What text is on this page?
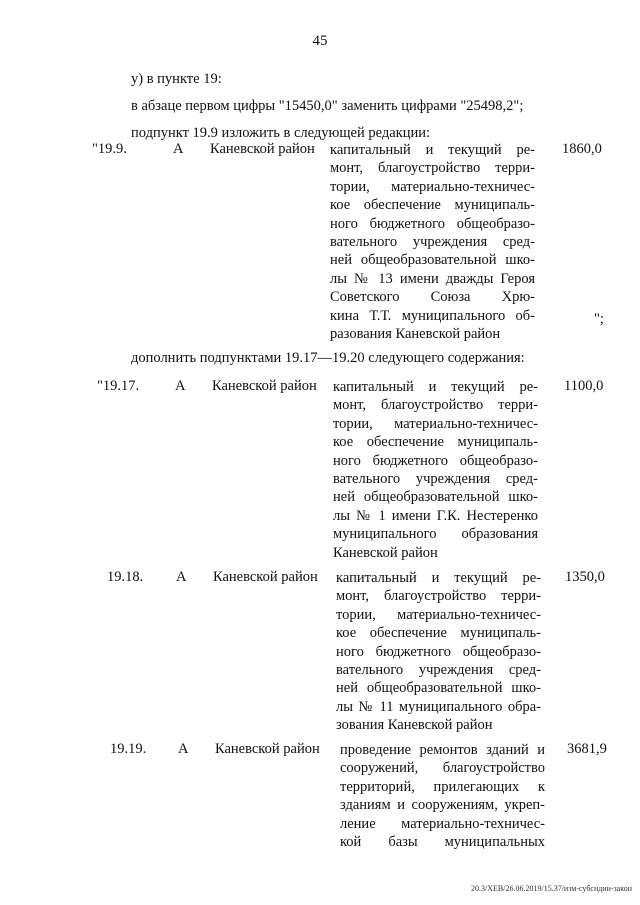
45
у) в пункте 19:
в абзаце первом цифры "15450,0" заменить цифрами "25498,2";
подпункт 19.9 изложить в следующей редакции:
"19.9.	А Каневской район капитальный и текущий ре-
монт, благоустройство терри-
тории, материально-техничес-
кое обеспечение муниципаль-
ного бюджетного общеобразо-
вательного учреждения сред-
ней общеобразовательной шко-
лы № 13 имени дважды Героя
Советского Союза Хрю-
кина Т.Т. муниципального об-
разования Каневской район
1860,0
";
дополнить подпунктами 19.17—19.20 следующего содержания:
"19.17. А Каневской район капитальный и текущий ре-
монт, благоустройство терри-
тории, материально-техничес-
кое обеспечение муниципаль-
ного бюджетного общеобразо-
вательного учреждения сред-
ней общеобразовательной шко-
лы № 1 имени Г.К. Нестеренко
муниципального образования
Каневской район
1100,0
19.18. А Каневской район капитальный и текущий ре-
монт, благоустройство терри-
тории, материально-техничес-
кое обеспечение муниципаль-
ного бюджетного общеобразо-
вательного учреждения сред-
ней общеобразовательной шко-
лы № 11 муниципального обра-
зования Каневской район
1350,0
19.19. А Каневской район проведение ремонтов зданий и
сооружений, благоустройство
территорий, прилегающих к
зданиям и сооружениям, укреп-
ление материально-техничес-
кой базы муниципальных
3681,9
20.3/ХЕВ/26.06.2019/15.37/изм-субсидии-закон
